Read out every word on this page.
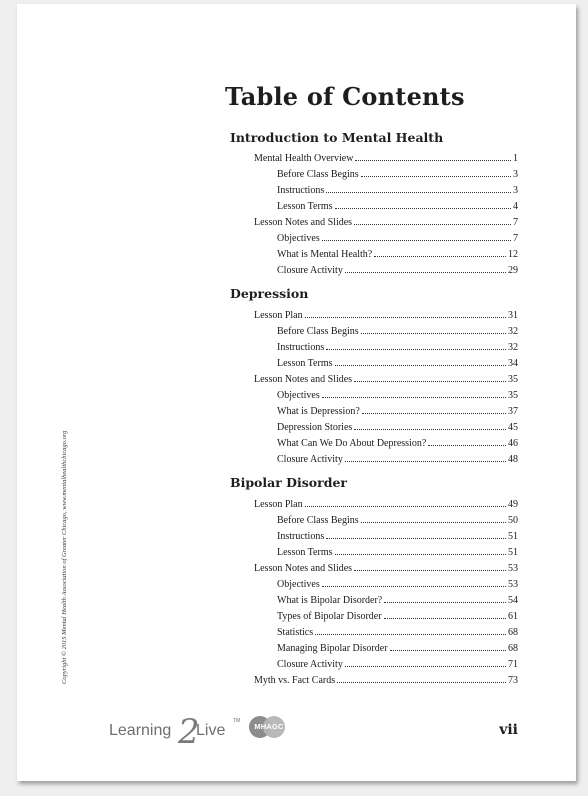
Table of Contents
Introduction to Mental Health
Mental Health Overview	1
Before Class Begins	3
Instructions	3
Lesson Terms	4
Lesson Notes and Slides	7
Objectives	7
What is Mental Health?	12
Closure Activity	29
Depression
Lesson Plan	31
Before Class Begins	32
Instructions	32
Lesson Terms	34
Lesson Notes and Slides	35
Objectives	35
What is Depression?	37
Depression Stories	45
What Can We Do About Depression?	46
Closure Activity	48
Bipolar Disorder
Lesson Plan	49
Before Class Begins	50
Instructions	51
Lesson Terms	51
Lesson Notes and Slides	53
Objectives	53
What is Bipolar Disorder?	54
Types of Bipolar Disorder	61
Statistics	68
Managing Bipolar Disorder	68
Closure Activity	71
Myth vs. Fact Cards	73
Copyright © 2015 Mental Health Association of Greater Chicago, www.mentalhealthchicago.org
Learning 2
Live
TM
MHAGC	vii
